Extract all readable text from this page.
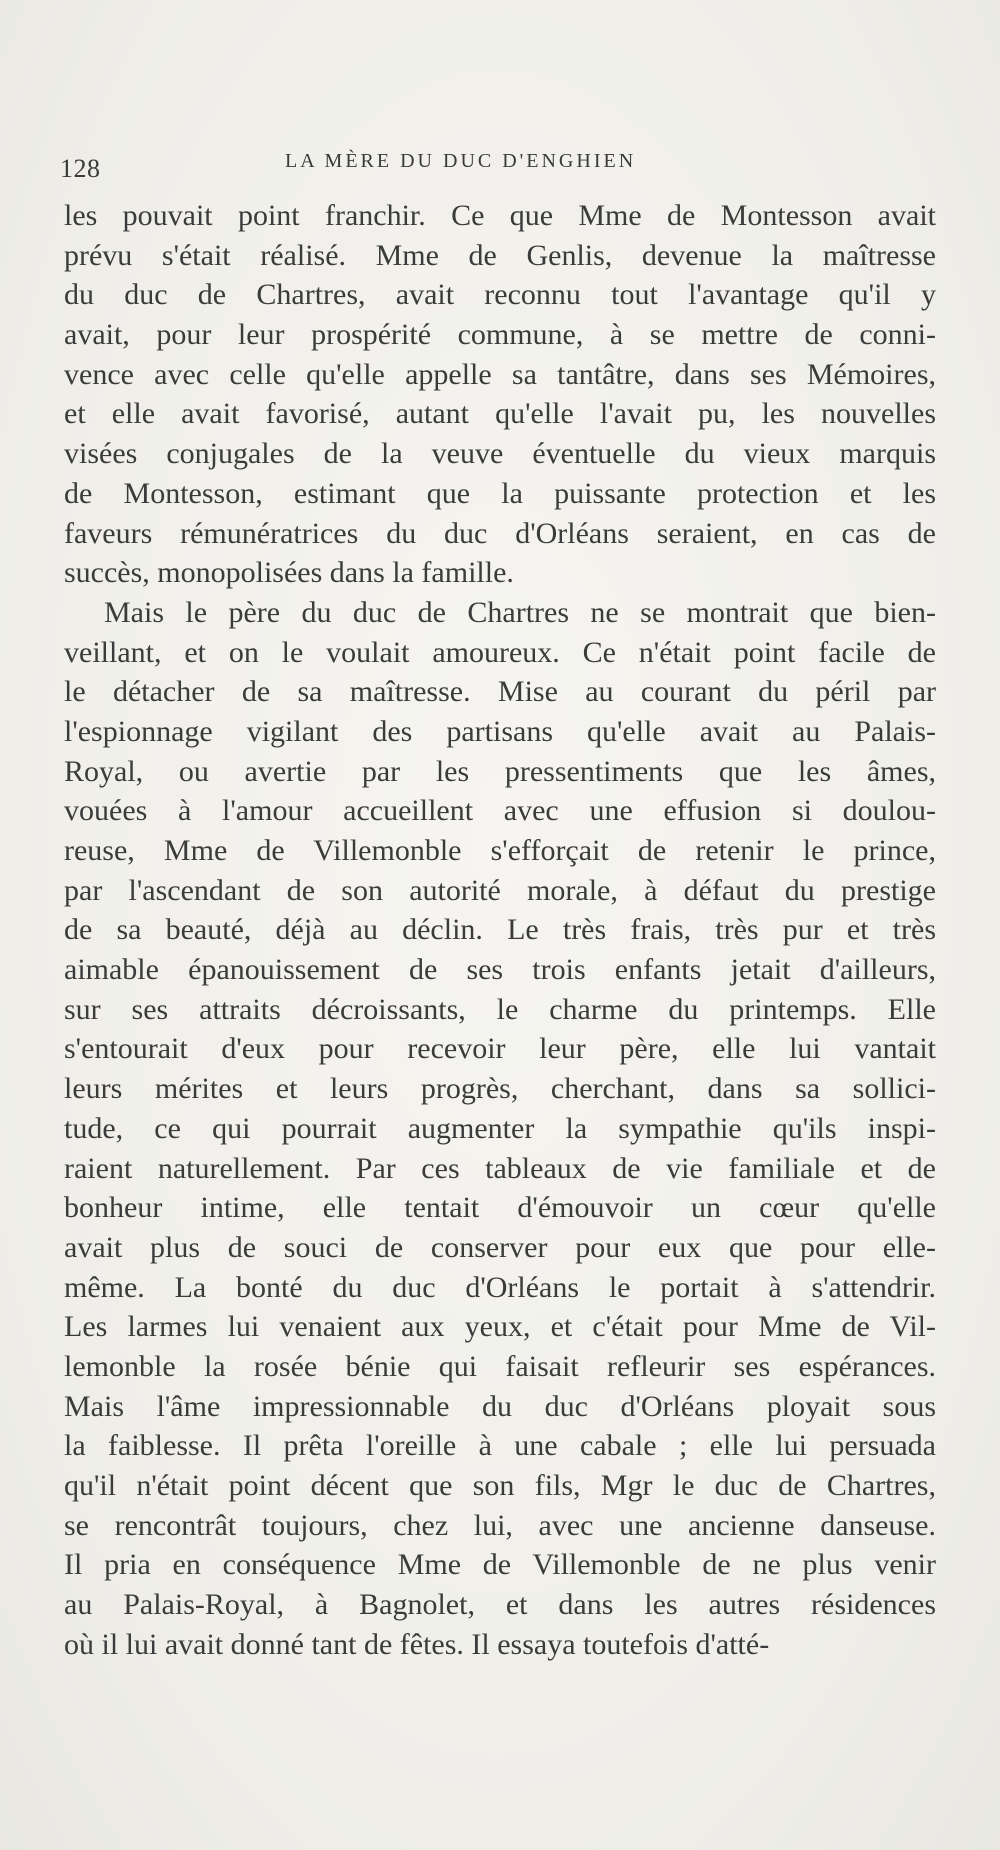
128	LA MÈRE DU DUC D'ENGHIEN
les pouvait point franchir. Ce que Mme de Montesson avait
prévu s'était réalisé. Mme de Genlis, devenue la maîtresse
du duc de Chartres, avait reconnu tout l'avantage qu'il y
avait, pour leur prospérité commune, à se mettre de conni-
vence avec celle qu'elle appelle sa tantâtre, dans ses Mémoires,
et elle avait favorisé, autant qu'elle l'avait pu, les nouvelles
visées conjugales de la veuve éventuelle du vieux marquis
de Montesson, estimant que la puissante protection et les
faveurs rémunératrices du duc d'Orléans seraient, en cas de
succès, monopolisées dans la famille.
Mais le père du duc de Chartres ne se montrait que bien-
veillant, et on le voulait amoureux. Ce n'était point facile de
le détacher de sa maîtresse. Mise au courant du péril par
l'espionnage vigilant des partisans qu'elle avait au Palais-
Royal, ou avertie par les pressentiments que les âmes,
vouées à l'amour accueillent avec une effusion si doulou-
reuse, Mme de Villemonble s'efforçait de retenir le prince,
par l'ascendant de son autorité morale, à défaut du prestige
de sa beauté, déjà au déclin. Le très frais, très pur et très
aimable épanouissement de ses trois enfants jetait d'ailleurs,
sur ses attraits décroissants, le charme du printemps. Elle
s'entourait d'eux pour recevoir leur père, elle lui vantait
leurs mérites et leurs progrès, cherchant, dans sa sollici-
tude, ce qui pourrait augmenter la sympathie qu'ils inspi-
raient naturellement. Par ces tableaux de vie familiale et de
bonheur intime, elle tentait d'émouvoir un cœur qu'elle
avait plus de souci de conserver pour eux que pour elle-
même. La bonté du duc d'Orléans le portait à s'attendrir.
Les larmes lui venaient aux yeux, et c'était pour Mme de Vil-
lemonble la rosée bénie qui faisait refleurir ses espérances.
Mais l'âme impressionnable du duc d'Orléans ployait sous
la faiblesse. Il prêta l'oreille à une cabale ; elle lui persuada
qu'il n'était point décent que son fils, Mgr le duc de Chartres,
se rencontrât toujours, chez lui, avec une ancienne danseuse.
Il pria en conséquence Mme de Villemonble de ne plus venir
au Palais-Royal, à Bagnolet, et dans les autres résidences
où il lui avait donné tant de fêtes. Il essaya toutefois d'atté-
